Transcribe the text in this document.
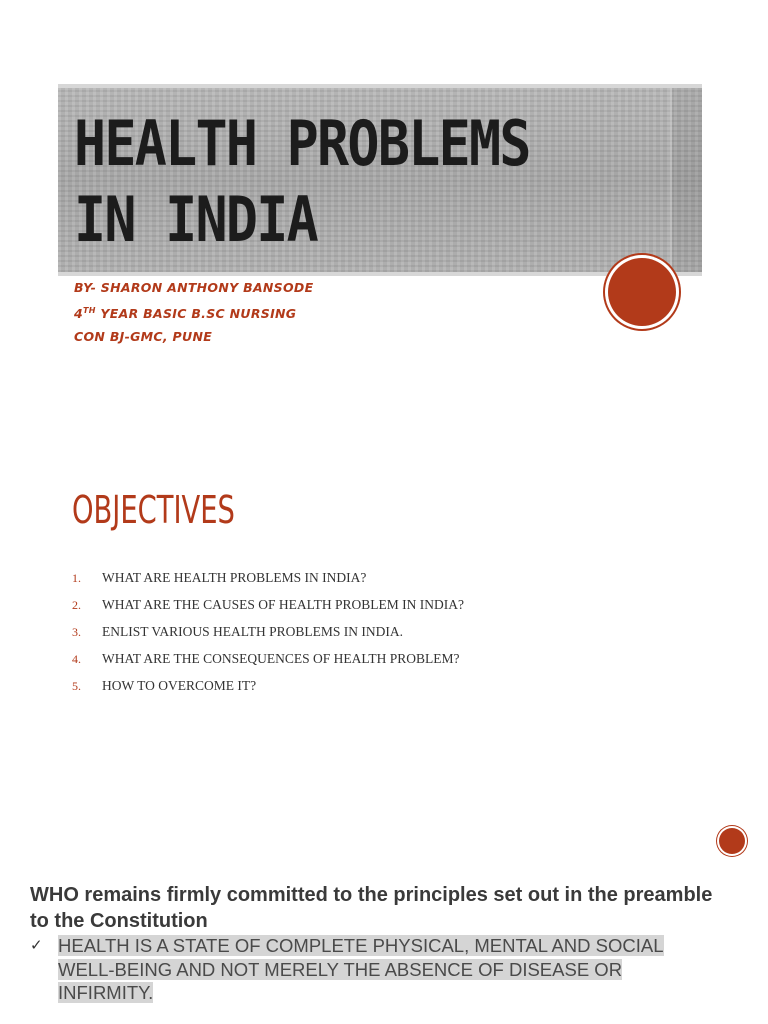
HEALTH PROBLEMS IN INDIA
BY- SHARON ANTHONY BANSODE
4TH YEAR BASIC B.SC NURSING
CON BJ-GMC, PUNE
OBJECTIVES
1. WHAT ARE HEALTH PROBLEMS IN INDIA?
2. WHAT ARE THE CAUSES OF HEALTH PROBLEM IN INDIA?
3. ENLIST VARIOUS HEALTH PROBLEMS IN INDIA.
4. WHAT ARE THE CONSEQUENCES OF HEALTH PROBLEM?
5. HOW TO OVERCOME IT?
WHO remains firmly committed to the principles set out in the preamble to the Constitution
✓ HEALTH IS A STATE OF COMPLETE PHYSICAL, MENTAL AND SOCIAL WELL-BEING AND NOT MERELY THE ABSENCE OF DISEASE OR INFIRMITY.
